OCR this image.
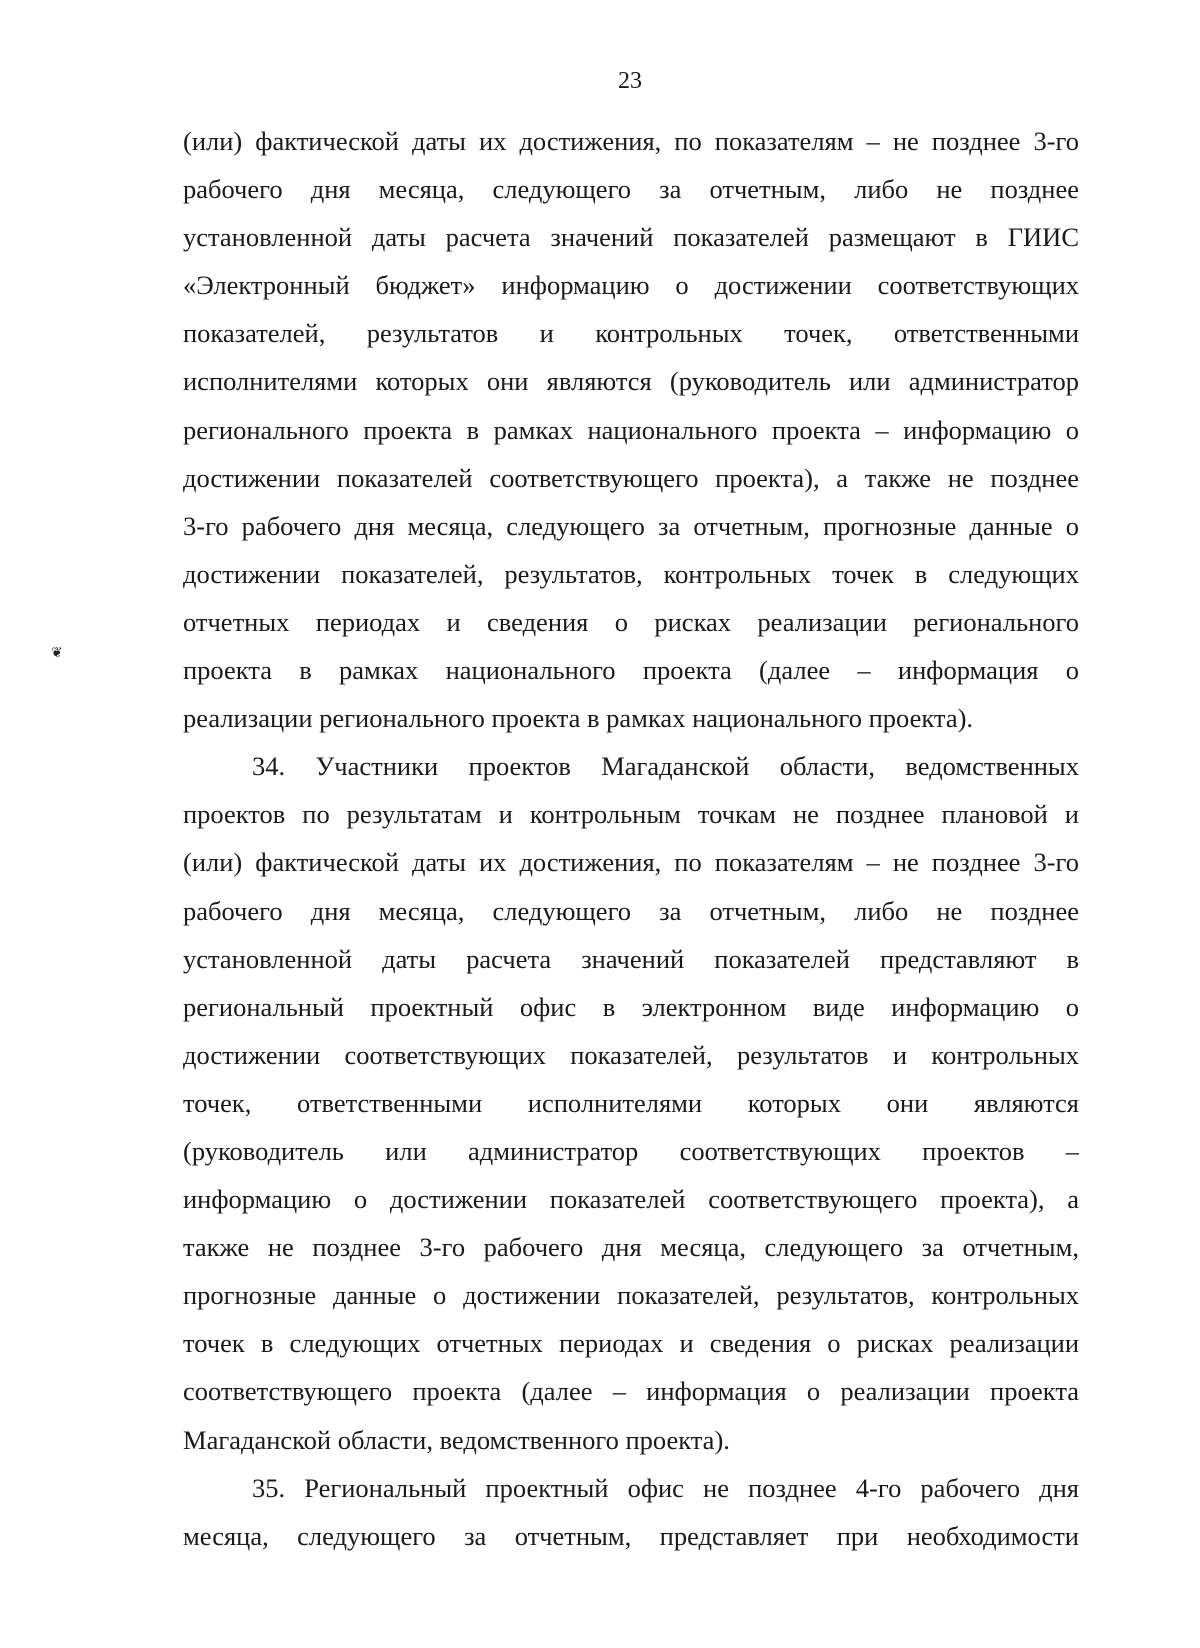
23
❦
(или) фактической даты их достижения, по показателям – не позднее 3-го
рабочего дня месяца, следующего за отчетным, либо не позднее
установленной даты расчета значений показателей размещают в ГИИС
«Электронный бюджет» информацию о достижении соответствующих
показателей, результатов и контрольных точек, ответственными
исполнителями которых они являются (руководитель или администратор
регионального проекта в рамках национального проекта – информацию о
достижении показателей соответствующего проекта), а также не позднее
3-го рабочего дня месяца, следующего за отчетным, прогнозные данные о
достижении показателей, результатов, контрольных точек в следующих
отчетных периодах и сведения о рисках реализации регионального
проекта в рамках национального проекта (далее – информация о
реализации регионального проекта в рамках национального проекта).
34. Участники проектов Магаданской области, ведомственных
проектов по результатам и контрольным точкам не позднее плановой и
(или) фактической даты их достижения, по показателям – не позднее 3-го
рабочего дня месяца, следующего за отчетным, либо не позднее
установленной даты расчета значений показателей представляют в
региональный проектный офис в электронном виде информацию о
достижении соответствующих показателей, результатов и контрольных
точек, ответственными исполнителями которых они являются
(руководитель или администратор соответствующих проектов –
информацию о достижении показателей соответствующего проекта), а
также не позднее 3-го рабочего дня месяца, следующего за отчетным,
прогнозные данные о достижении показателей, результатов, контрольных
точек в следующих отчетных периодах и сведения о рисках реализации
соответствующего проекта (далее – информация о реализации проекта
Магаданской области, ведомственного проекта).
35. Региональный проектный офис не позднее 4-го рабочего дня
месяца, следующего за отчетным, представляет при необходимости
